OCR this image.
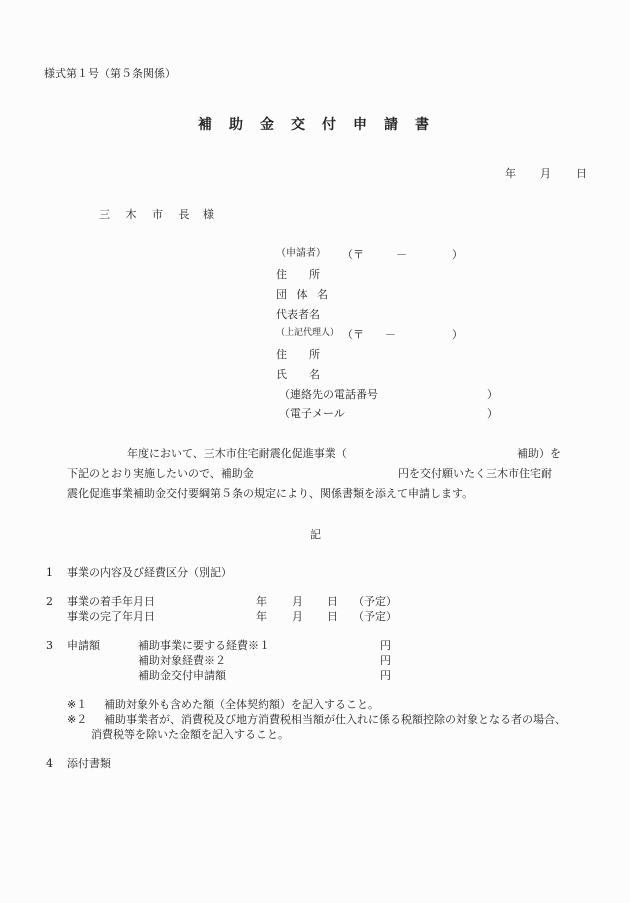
様式第１号（第５条関係）
補助金交付申請書
年 月 日
三 木 市 長 様
（申請者） （〒	－	）
住　　所
団 体 名
代表者名
（上記代理人） （〒 －	）
住　　所
氏　　名
（連絡先の電話番号	）
（電子メール	）
年度において、三木市住宅耐震化促進事業（	補助）を
下記のとおり実施したいので、補助金	円を交付願いたく三木市住宅耐
震化促進事業補助金交付要綱第５条の規定により、関係書類を添えて申請します。
記
1 事業の内容及び経費区分（別記）
2 事業の着手年月日	年 月 日 （予定）
事業の完了年月日	年 月 日 （予定）
3 申請額	補助事業に要する経費※１	円
補助対象経費※２	円
補助金交付申請額	円
※１ 補助対象外も含めた額（全体契約額）を記入すること。
※２ 補助事業者が、消費税及び地方消費税相当額が仕入れに係る税額控除の対象となる者の場合、
消費税等を除いた金額を記入すること。
4 添付書類
